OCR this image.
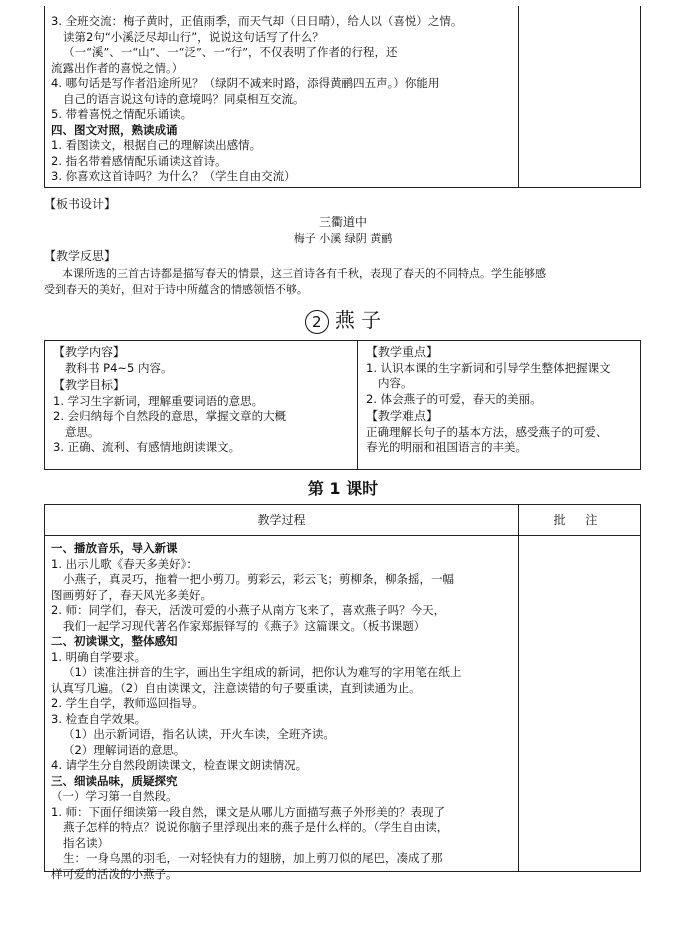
3. 全班交流：梅子黄时，正值雨季，而天气却（日日晴），给人以（喜悦）之情。
读第2句“小溪泛尽却山行”，说说这句话写了什么？
（一“溪”、一“山”、一“泛”、一“行”，不仅表明了作者的行程，还
流露出作者的喜悦之情。）
4. 哪句话是写作者沿途所见？（绿阴不减来时路，添得黄鹂四五声。）你能用
自己的语言说这句诗的意境吗？同桌相互交流。
5. 带着喜悦之情配乐诵读。
四、图文对照，熟读成诵
1. 看图读文，根据自己的理解读出感情。
2. 指名带着感情配乐诵读这首诗。
3. 你喜欢这首诗吗？为什么？（学生自由交流）
【板书设计】
三衢道中
梅子 小溪 绿阴 黄鹂
【教学反思】
本课所选的三首古诗都是描写春天的情景，这三首诗各有千秋，表现了春天的不同特点。学生能够感
受到春天的美好，但对于诗中所蕴含的情感领悟不够。
2 燕 子
【教学内容】
教科书 P4~5 内容。
【教学目标】
1. 学习生字新词，理解重要词语的意思。
2. 会归纳每个自然段的意思，掌握文章的大概
意思。
3. 正确、流利、有感情地朗读课文。
【教学重点】
1. 认识本课的生字新词和引导学生整体把握课文
内容。
2. 体会燕子的可爱，春天的美丽。
【教学难点】
正确理解长句子的基本方法，感受燕子的可爱、
春光的明丽和祖国语言的丰美。
第 1 课时
教学过程	批 注
一、播放音乐，导入新课
1. 出示儿歌《春天多美好》：
小燕子，真灵巧，拖着一把小剪刀。剪彩云，彩云飞；剪柳条，柳条摇，一幅
图画剪好了，春天风光多美好。
2. 师：同学们，春天，活泼可爱的小燕子从南方飞来了，喜欢燕子吗？今天，
我们一起学习现代著名作家郑振铎写的《燕子》这篇课文。（板书课题）
二、初读课文，整体感知
1. 明确自学要求。
（1）读准注拼音的生字，画出生字组成的新词，把你认为难写的字用笔在纸上
认真写几遍。（2）自由读课文，注意读错的句子要重读，直到读通为止。
2. 学生自学，教师巡回指导。
3. 检查自学效果。
（1）出示新词语，指名认读，开火车读，全班齐读。
（2）理解词语的意思。
4. 请学生分自然段朗读课文，检查课文朗读情况。
三、细读品味，质疑探究
（一）学习第一自然段。
1. 师：下面仔细读第一段自然，课文是从哪儿方面描写燕子外形美的？表现了
燕子怎样的特点？说说你脑子里浮现出来的燕子是什么样的。（学生自由读，
指名读）
生：一身乌黑的羽毛，一对轻快有力的翅膀，加上剪刀似的尾巴，凑成了那
样可爱的活泼的小燕子。
